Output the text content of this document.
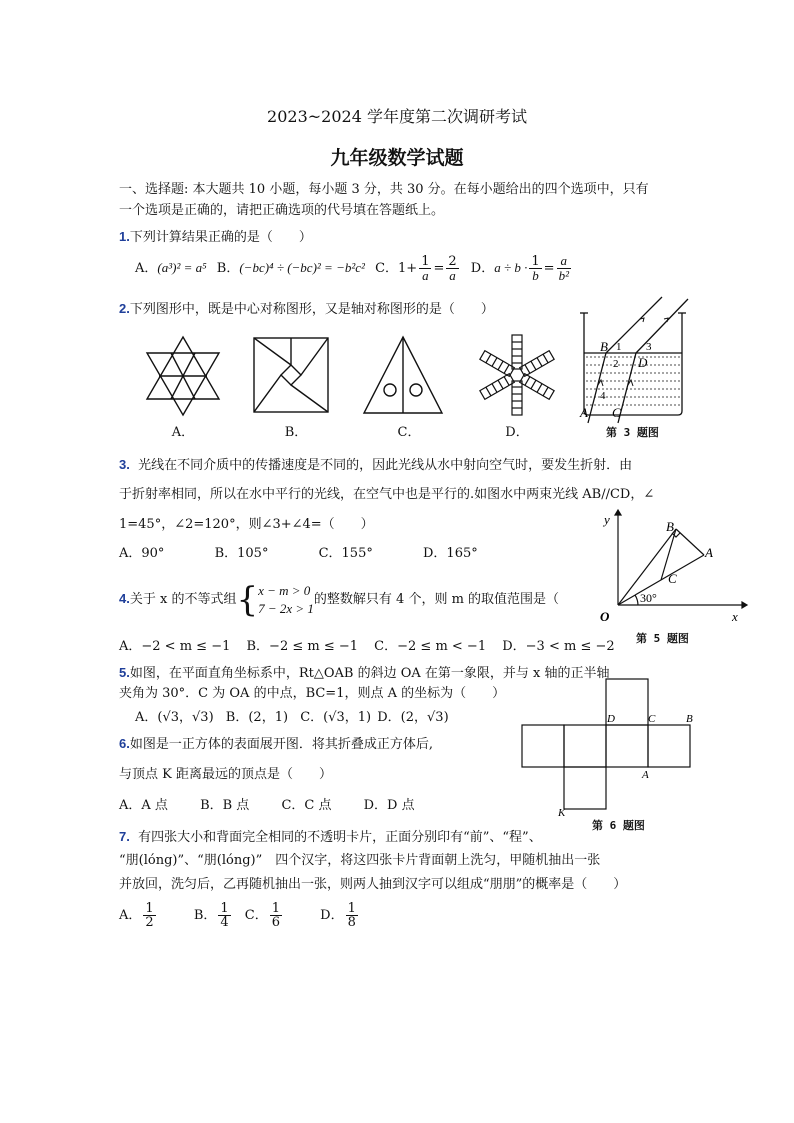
2023~2024 学年度第二次调研考试
九年级数学试题
一、选择题: 本大题共 10 小题，每小题 3 分，共 30 分。在每小题给出的四个选项中，只有
一个选项是正确的，请把正确选项的代号填在答题纸上。
1.下列计算结果正确的是（　　）
A．(a³)² = a⁵ B．(−bc)⁴ ÷ (−bc)² = −b²c² C．$1+ \frac{1}{a} = \frac{2}{a}$ D．$a \div b \cdot \frac{1}{b} = \frac{a}{\text{b²}}$
2.下列图形中，既是中心对称图形，又是轴对称图形的是（　　）
A．	B．	C．	D．
B 1 3
D
2
4
A C
第 3 题图
3. 光线在不同介质中的传播速度是不同的，因此光线从水中射向空气时，要发生折射．由
于折射率相同，所以在水中平行的光线，在空气中也是平行的.如图水中两束光线 AB//CD，∠
1=45°，∠2=120°，则∠3+∠4=（　　）
A．90°	B．105°	C．155°	D．165°
y
x
O
A
B
C
30°
第 5 题图
4.关于 x 的不等式组{ x − m > 0
7 − 2x > 1
的整数解只有 4 个，则 m 的取值范围是（
A．−2 < m ≤ −1 B．−2 ≤ m ≤ −1 C．−2 ≤ m < −1 D．−3 < m ≤ −2
5.如图，在平面直角坐标系中，Rt△OAB 的斜边 OA 在第一象限，并与 x 轴的正半轴
夹角为 30°．C 为 OA 的中点，BC=1，则点 A 的坐标为（　　）
A．(√3，√3) B．(2，1) C．(√3，1) D．(2，√3)	D	C	B
A
K
第 6 题图
6.如图是一正方体的表面展开图．将其折叠成正方体后,
与顶点 K 距离最远的顶点是（　　）
A．A 点 B．B 点 C．C 点 D．D 点
7. 有四张大小和背面完全相同的不透明卡片，正面分别印有“前”、“程”、
“朋(lóng)”、“朋(lóng)”　四个汉字，将这四张卡片背面朝上洗匀，甲随机抽出一张
并放回，洗匀后，乙再随机抽出一张，则两人抽到汉字可以组成“朋朋”的概率是（　　）
A． $\frac{1}{2}$	B． $\frac{1}{4}$ C． $\frac{1}{6}$	D． $\frac{1}{8}$
